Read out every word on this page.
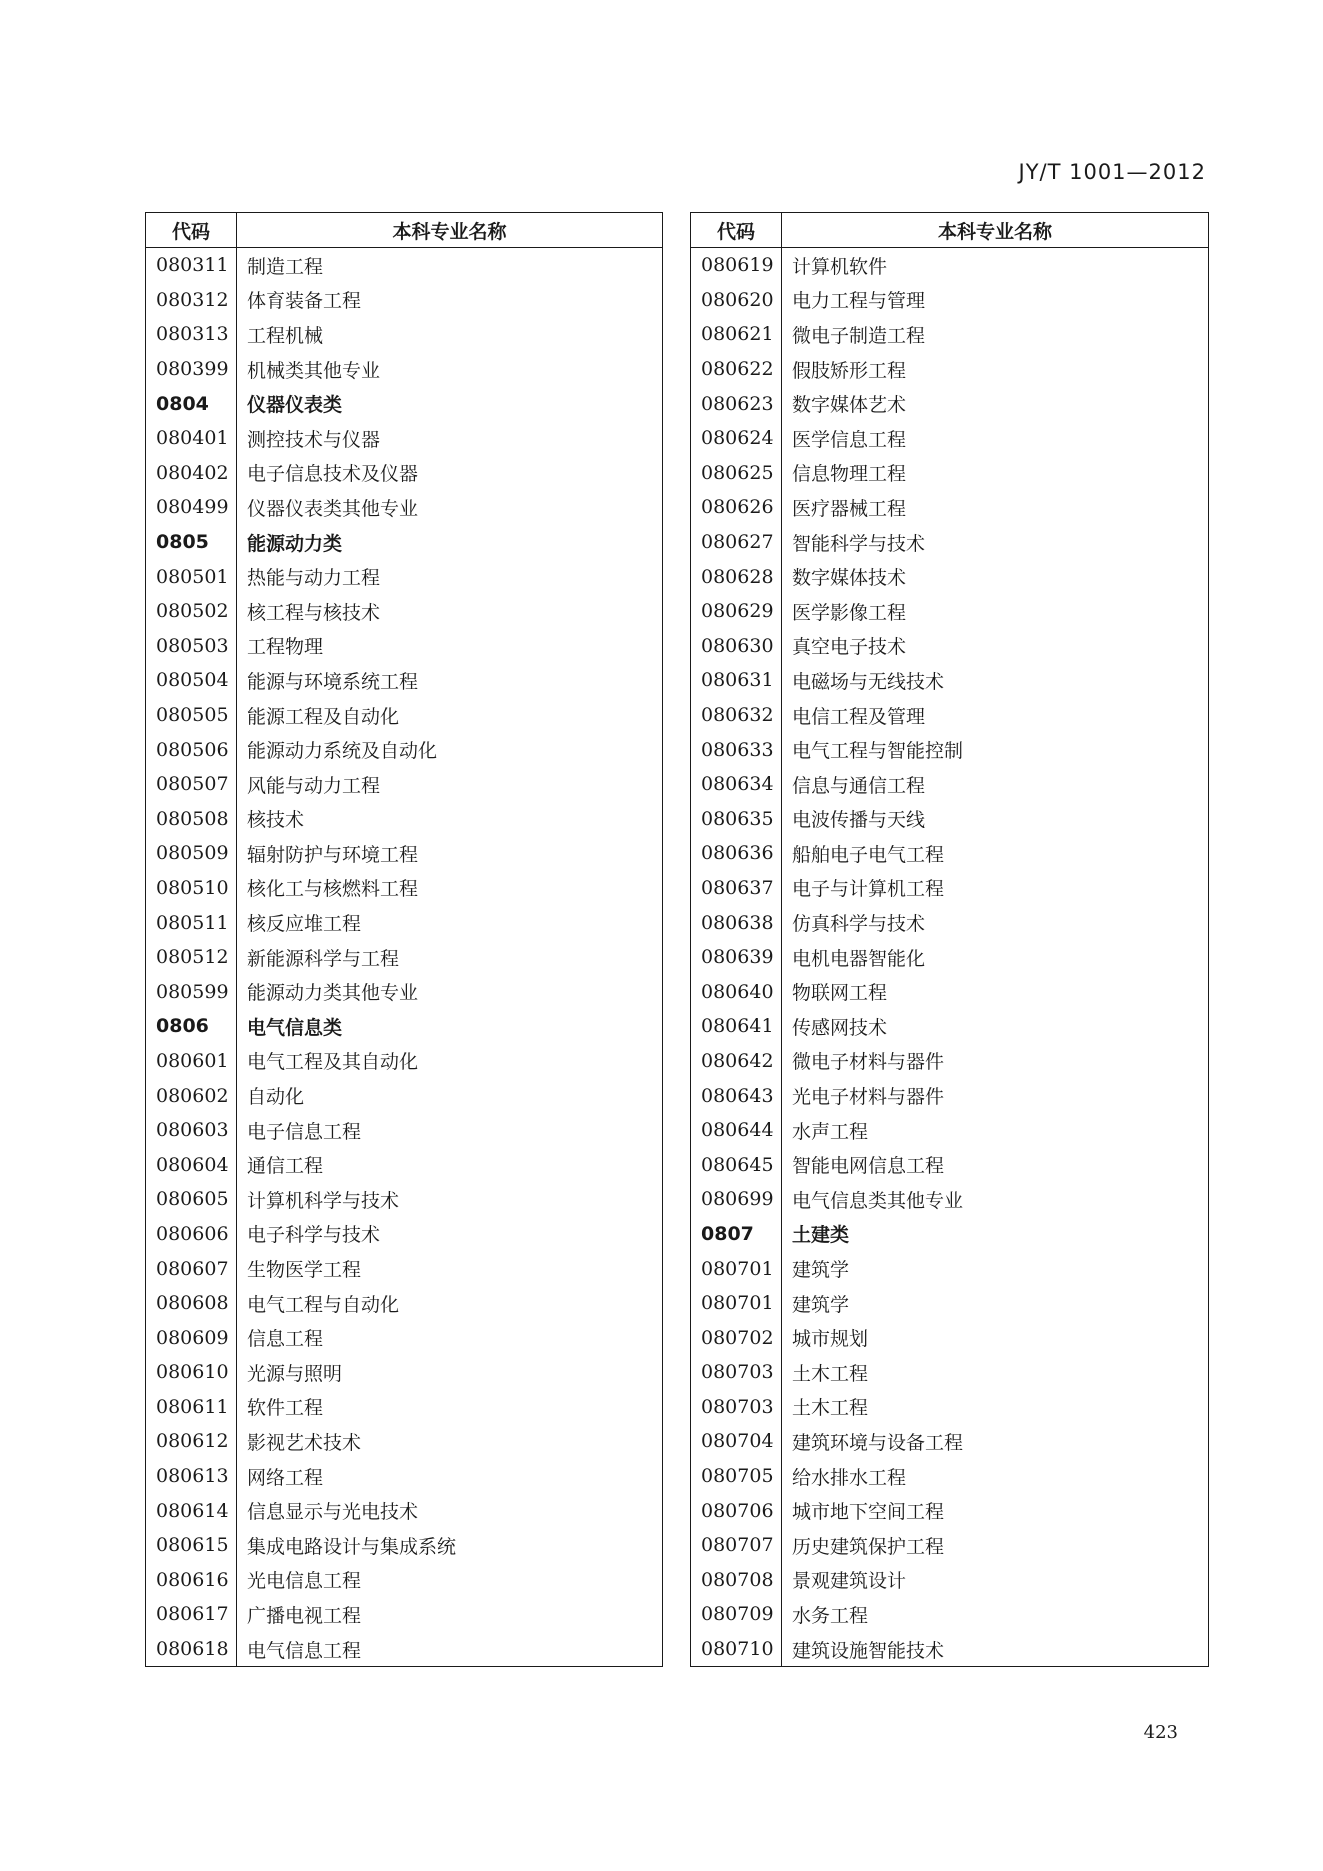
JY/T 1001—2012
代码	本科专业名称
080311	制造工程
080312	体育装备工程
080313	工程机械
080399	机械类其他专业
0804	仪器仪表类
080401	测控技术与仪器
080402	电子信息技术及仪器
080499	仪器仪表类其他专业
0805	能源动力类
080501	热能与动力工程
080502	核工程与核技术
080503	工程物理
080504	能源与环境系统工程
080505	能源工程及自动化
080506	能源动力系统及自动化
080507	风能与动力工程
080508	核技术
080509	辐射防护与环境工程
080510	核化工与核燃料工程
080511	核反应堆工程
080512	新能源科学与工程
080599	能源动力类其他专业
0806	电气信息类
080601	电气工程及其自动化
080602	自动化
080603	电子信息工程
080604	通信工程
080605	计算机科学与技术
080606	电子科学与技术
080607	生物医学工程
080608	电气工程与自动化
080609	信息工程
080610	光源与照明
080611	软件工程
080612	影视艺术技术
080613	网络工程
080614	信息显示与光电技术
080615	集成电路设计与集成系统
080616	光电信息工程
080617	广播电视工程
080618	电气信息工程
代码	本科专业名称
080619	计算机软件
080620	电力工程与管理
080621	微电子制造工程
080622	假肢矫形工程
080623	数字媒体艺术
080624	医学信息工程
080625	信息物理工程
080626	医疗器械工程
080627	智能科学与技术
080628	数字媒体技术
080629	医学影像工程
080630	真空电子技术
080631	电磁场与无线技术
080632	电信工程及管理
080633	电气工程与智能控制
080634	信息与通信工程
080635	电波传播与天线
080636	船舶电子电气工程
080637	电子与计算机工程
080638	仿真科学与技术
080639	电机电器智能化
080640	物联网工程
080641	传感网技术
080642	微电子材料与器件
080643	光电子材料与器件
080644	水声工程
080645	智能电网信息工程
080699	电气信息类其他专业
0807	土建类
080701	建筑学
080701	建筑学
080702	城市规划
080703	土木工程
080703	土木工程
080704	建筑环境与设备工程
080705	给水排水工程
080706	城市地下空间工程
080707	历史建筑保护工程
080708	景观建筑设计
080709	水务工程
080710	建筑设施智能技术
423
